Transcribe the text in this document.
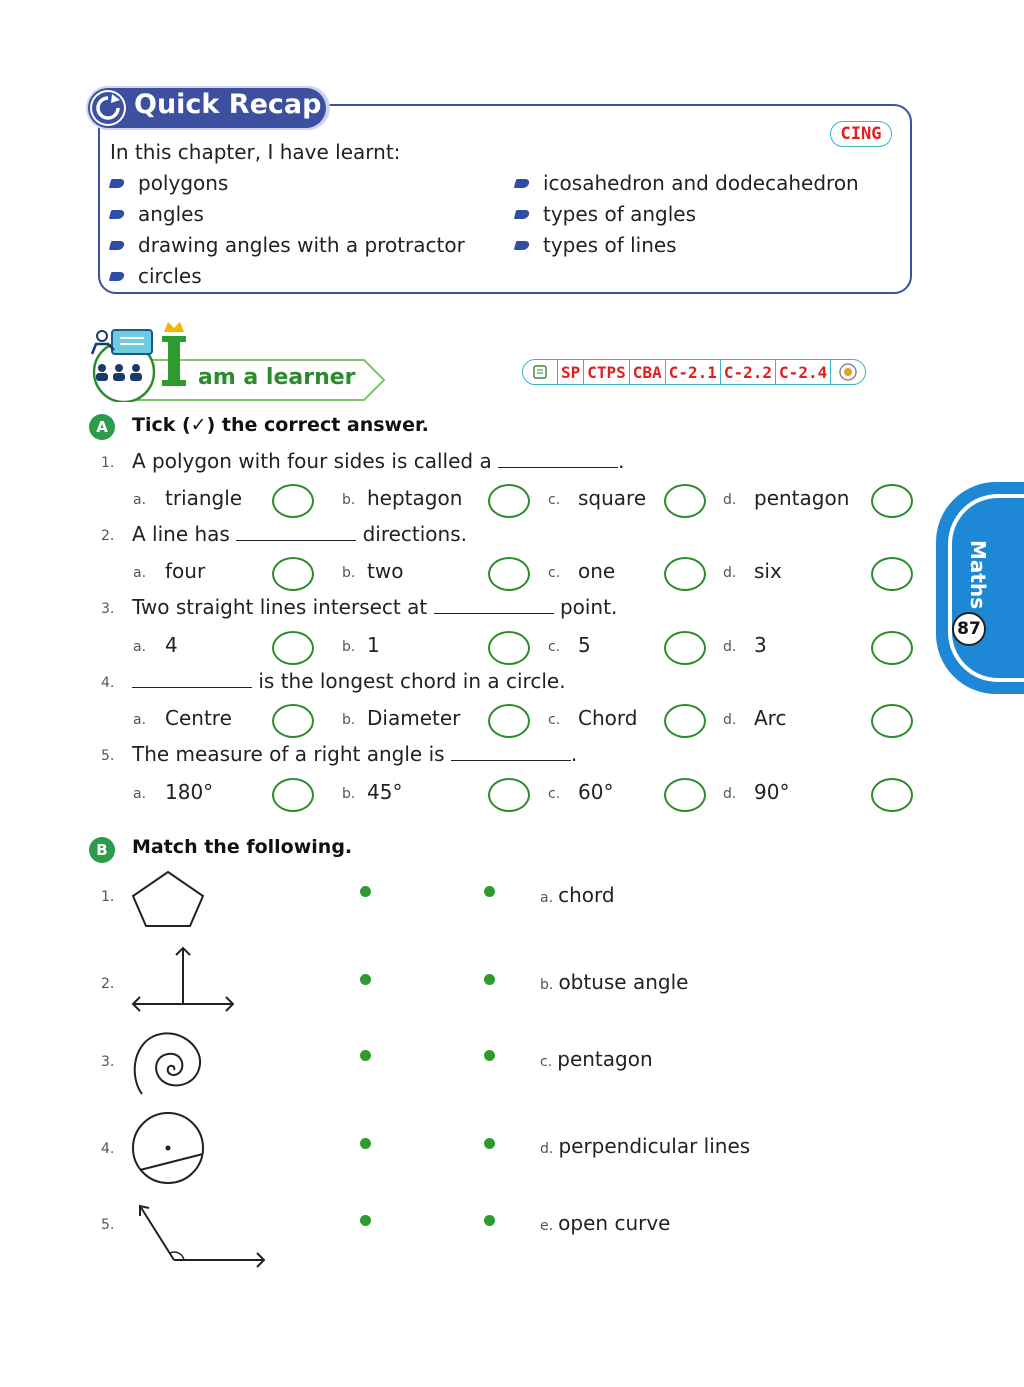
Quick Recap
CING
In this chapter, I have learnt:
polygons
angles
drawing angles with a protractor
circles
icosahedron and dodecahedron
types of angles
types of lines
am a learner	SP CTPS CBA C-2.1 C-2.2 C-2.4
A	Tick (✓) the correct answer.
1. A polygon with four sides is called a	.
2. A line has	directions.
3. Two straight lines intersect at	point.
4.	is the longest chord in a circle.
5. The measure of a right angle is	.
a. triangle	b. heptagon	c. square	d. pentagon
a. four	b. two	c. one	d. six
a. 4	b. 1	c. 5	d. 3
a. Centre	b. Diameter	c. Chord	d. Arc
a. 180°	b. 45°	c. 60°	d. 90°
B	Match the following.
1.
2.
3.
4.
5.
a. chord
b. obtuse angle
c. pentagon
d. perpendicular lines
e. open curve
Maths
87
